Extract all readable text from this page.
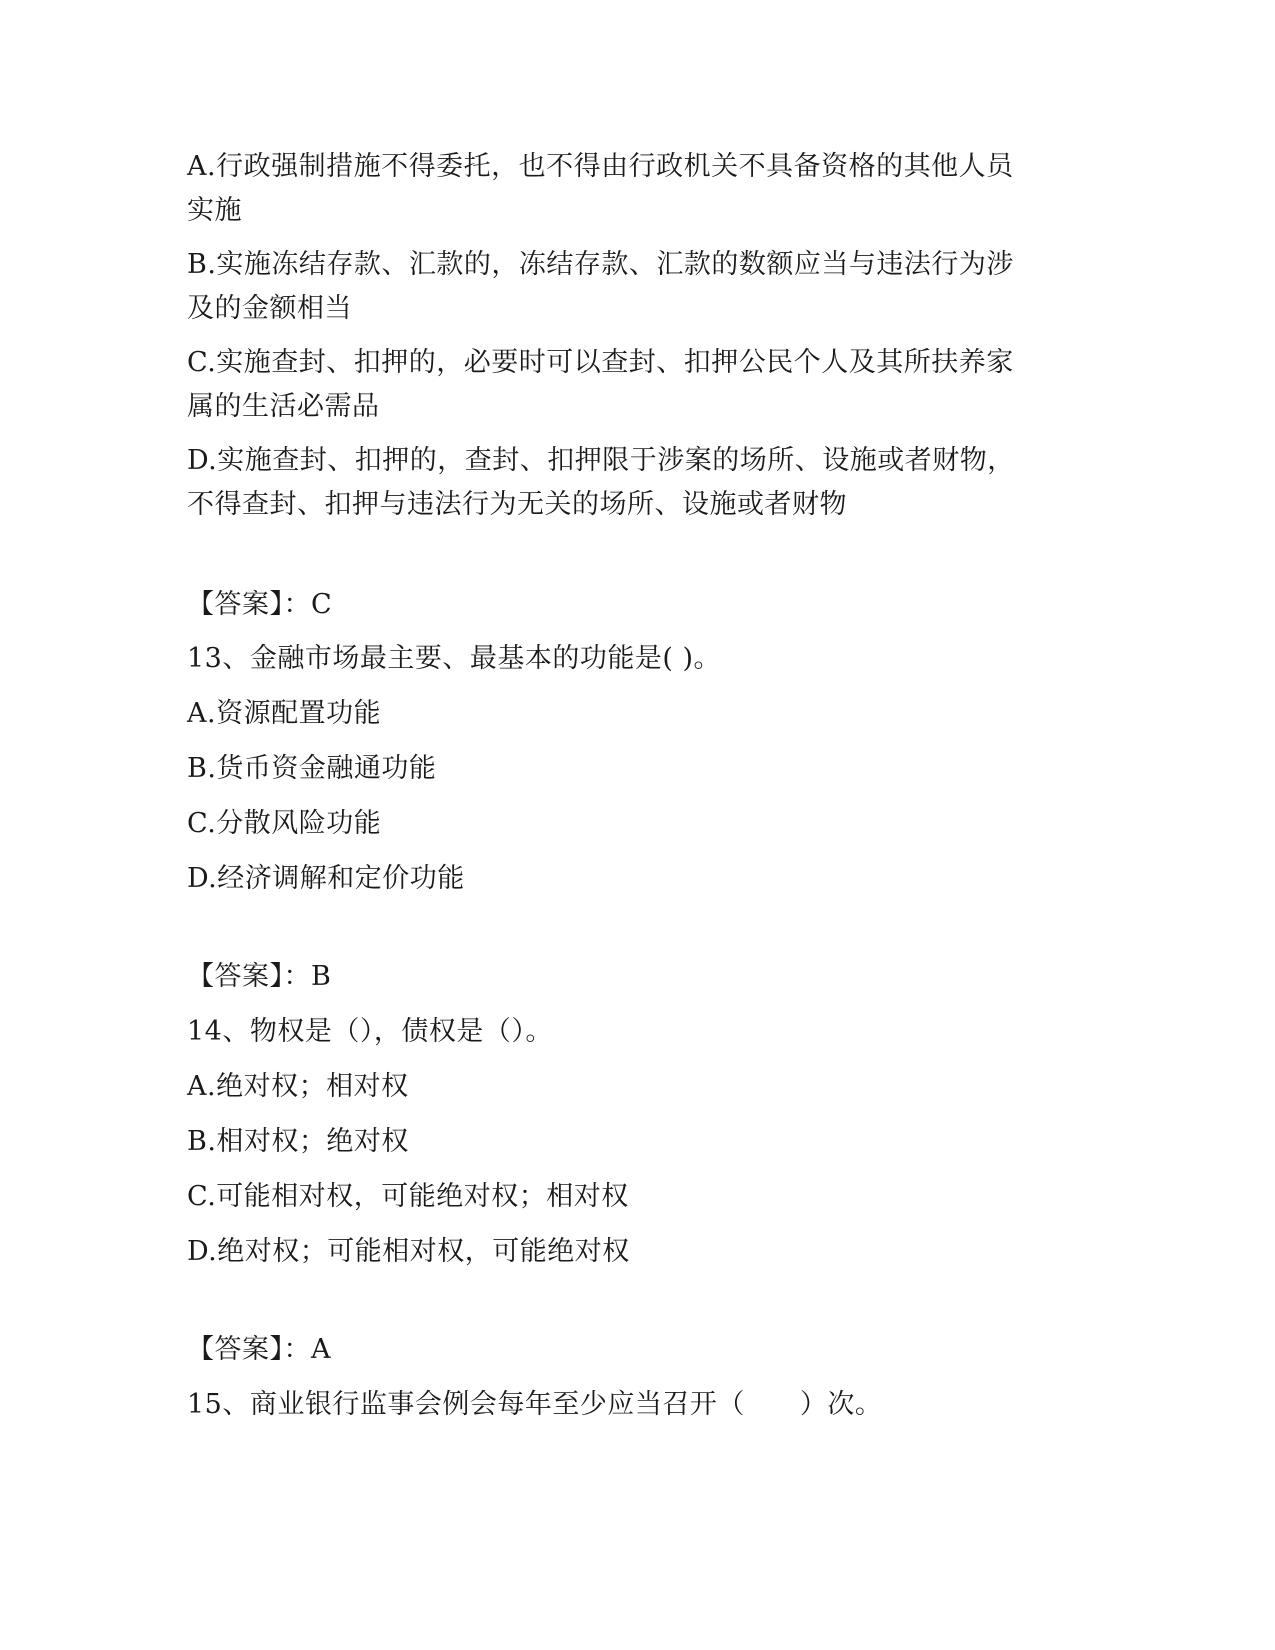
A.行政强制措施不得委托，也不得由行政机关不具备资格的其他人员
实施
B.实施冻结存款、汇款的，冻结存款、汇款的数额应当与违法行为涉
及的金额相当
C.实施查封、扣押的，必要时可以查封、扣押公民个人及其所扶养家
属的生活必需品
D.实施查封、扣押的，查封、扣押限于涉案的场所、设施或者财物，
不得查封、扣押与违法行为无关的场所、设施或者财物
【答案】：C
13、金融市场最主要、最基本的功能是( )。
A.资源配置功能
B.货币资金融通功能
C.分散风险功能
D.经济调解和定价功能
【答案】：B
14、物权是（），债权是（）。
A.绝对权；相对权
B.相对权；绝对权
C.可能相对权，可能绝对权；相对权
D.绝对权；可能相对权，可能绝对权
【答案】：A
15、商业银行监事会例会每年至少应当召开（　　）次。
